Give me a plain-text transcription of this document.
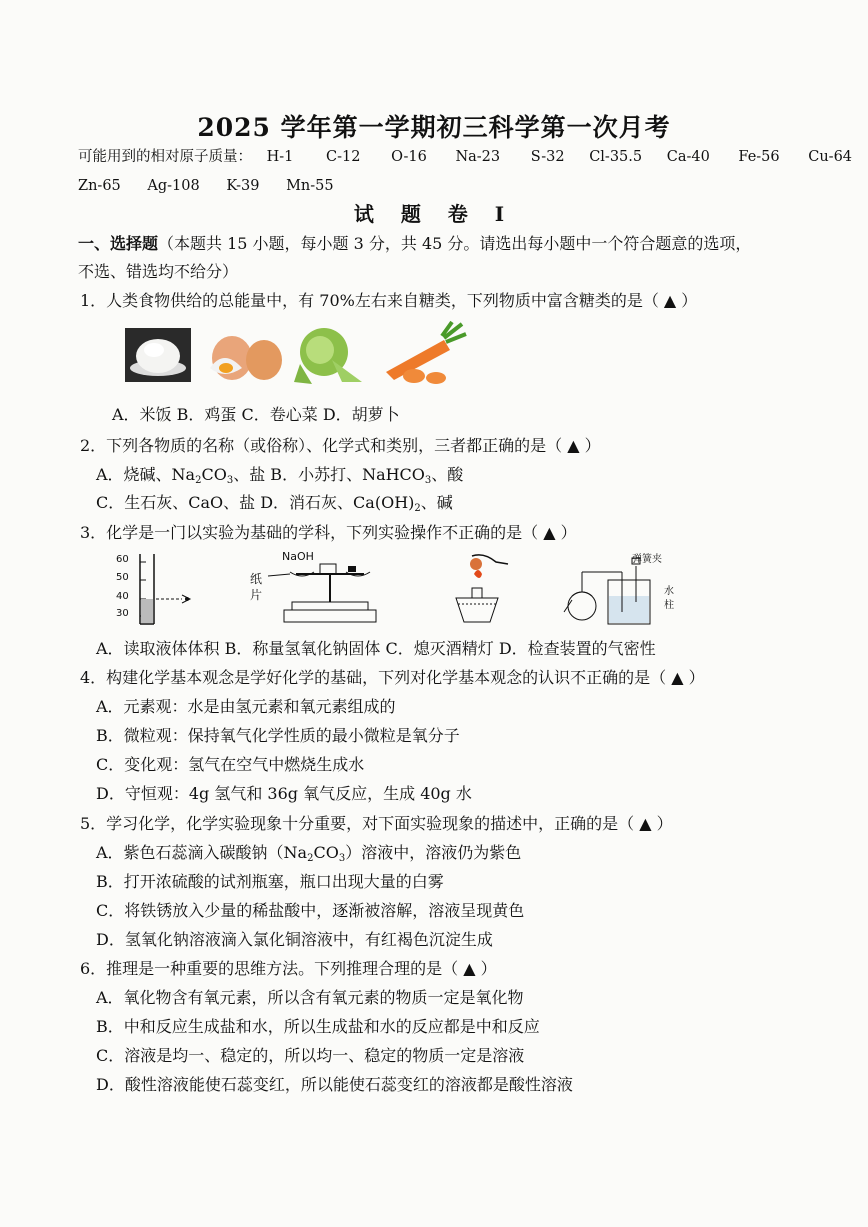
2025 学年第一学期初三科学第一次月考
可能用到的相对原子质量： H-1 C-12 O-16 Na-23 S-32 Cl-35.5 Ca-40 Fe-56 Cu-64
Zn-65 Ag-108 K-39 Mn-55
试 题 卷 I
一、选择题（本题共 15 小题，每小题 3 分，共 45 分。请选出每小题中一个符合题意的选项，
不选、错选均不给分）
1．人类食物供给的总能量中，有 70%左右来自糖类，下列物质中富含糖类的是（ ▲ ）
A．米饭 B．鸡蛋 C．卷心菜 D．胡萝卜
2．下列各物质的名称（或俗称）、化学式和类别，三者都正确的是（ ▲ ）
A．烧碱、$Na_2CO_3$、盐 B．小苏打、NaHCO$_3$、酸
C．生石灰、CaO、盐 D．消石灰、$Ca(OH)_2$、碱
3．化学是一门以实验为基础的学科，下列实验操作不正确的是（ ▲ ）
60
50
40
30
NaOH
纸
片
弹簧夹
水
柱
A．读取液体体积 B．称量氢氧化钠固体 C．熄灭酒精灯 D．检查装置的气密性
4．构建化学基本观念是学好化学的基础，下列对化学基本观念的认识不正确的是（ ▲ ）
A．元素观：水是由氢元素和氧元素组成的
B．微粒观：保持氧气化学性质的最小微粒是氧分子
C．变化观：氢气在空气中燃烧生成水
D．守恒观：4g 氢气和 36g 氧气反应，生成 40g 水
5．学习化学，化学实验现象十分重要，对下面实验现象的描述中，正确的是（ ▲ ）
A．紫色石蕊滴入碳酸钠$(Na_2CO_3)$溶液中，溶液仍为紫色
B．打开浓硫酸的试剂瓶塞，瓶口出现大量的白雾
C．将铁锈放入少量的稀盐酸中，逐渐被溶解，溶液呈现黄色
D．氢氧化钠溶液滴入氯化铜溶液中，有红褐色沉淀生成
6．推理是一种重要的思维方法。下列推理合理的是（ ▲ ）
A．氧化物含有氧元素，所以含有氧元素的物质一定是氧化物
B．中和反应生成盐和水，所以生成盐和水的反应都是中和反应
C．溶液是均一、稳定的，所以均一、稳定的物质一定是溶液
D．酸性溶液能使石蕊变红，所以能使石蕊变红的溶液都是酸性溶液
